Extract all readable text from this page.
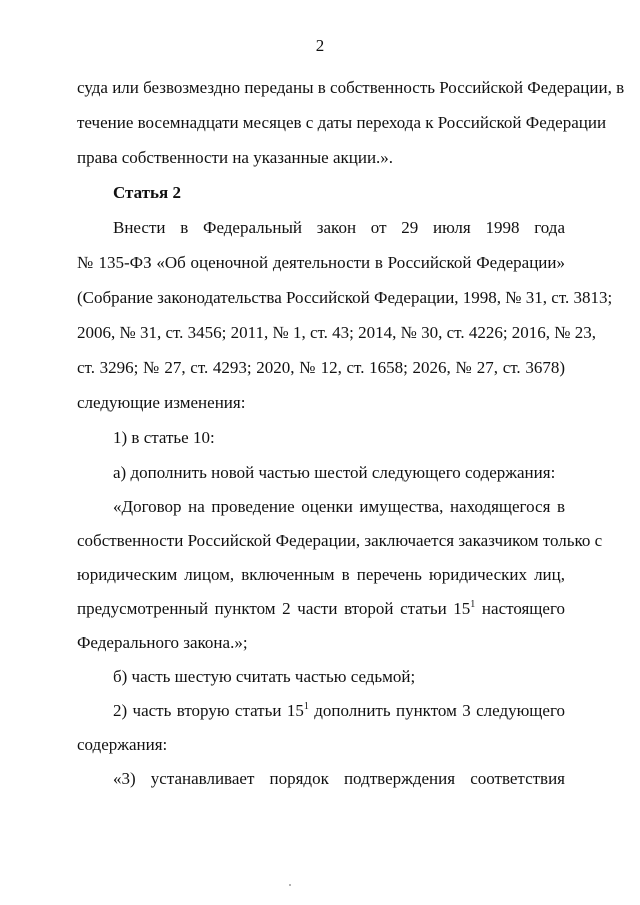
2
суда или безвозмездно переданы в собственность Российской Федерации, в
течение восемнадцати месяцев с даты перехода к Российской Федерации
права собственности на указанные акции.».
Статья 2
Внести в Федеральный закон от 29 июля 1998 года
№ 135-ФЗ «Об оценочной деятельности в Российской Федерации»
(Собрание законодательства Российской Федерации, 1998, № 31, ст. 3813;
2006, № 31, ст. 3456; 2011, № 1, ст. 43; 2014, № 30, ст. 4226; 2016, № 23,
ст. 3296; № 27, ст. 4293; 2020, № 12, ст. 1658; 2026, № 27, ст. 3678)
следующие изменения:
1) в статье 10:
а) дополнить новой частью шестой следующего содержания:
«Договор на проведение оценки имущества, находящегося в
собственности Российской Федерации, заключается заказчиком только с
юридическим лицом, включенным в перечень юридических лиц,
предусмотренный пунктом 2 части второй статьи $15^1$ настоящего
Федерального закона.»;
б) часть шестую считать частью седьмой;
2) часть вторую статьи $15^1$ дополнить пунктом 3 следующего
содержания:
«3) устанавливает порядок подтверждения соответствия
